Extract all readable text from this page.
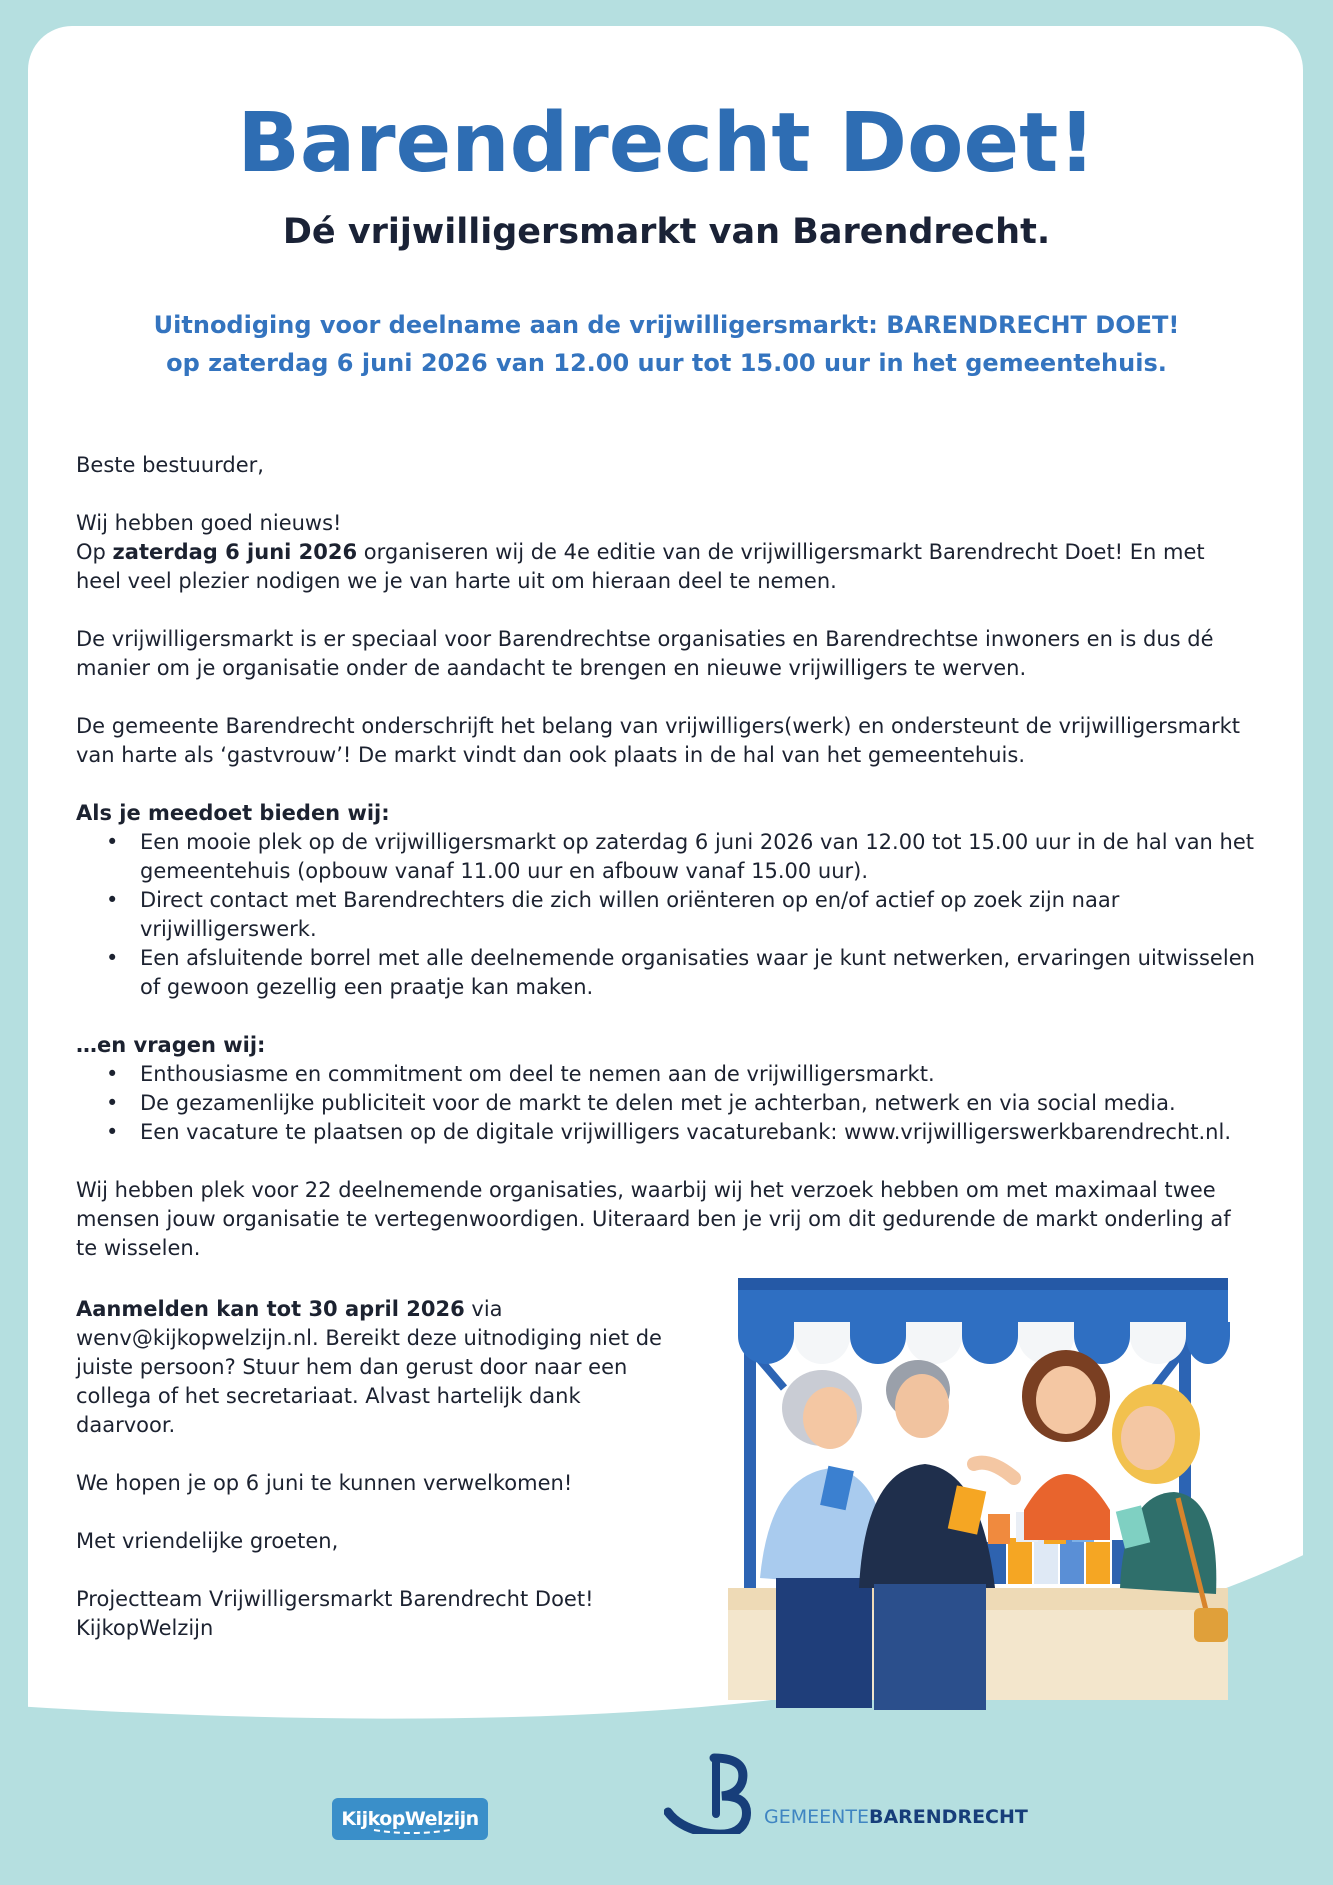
Barendrecht Doet!
Dé vrijwilligersmarkt van Barendrecht.
Uitnodiging voor deelname aan de vrijwilligersmarkt: BARENDRECHT DOET!
op zaterdag 6 juni 2026 van 12.00 uur tot 15.00 uur in het gemeentehuis.

Beste bestuurder,

Wij hebben goed nieuws!
Op zaterdag 6 juni 2026 organiseren wij de 4e editie van de vrijwilligersmarkt Barendrecht Doet! En met heel veel plezier nodigen we je van harte uit om hieraan deel te nemen.

De vrijwilligersmarkt is er speciaal voor Barendrechtse organisaties en Barendrechtse inwoners en is dus dé manier om je organisatie onder de aandacht te brengen en nieuwe vrijwilligers te werven.

De gemeente Barendrecht onderschrijft het belang van vrijwilligers(werk) en ondersteunt de vrijwilligersmarkt van harte als ‘gastvrouw’! De markt vindt dan ook plaats in de hal van het gemeentehuis.

Als je meedoet bieden wij:

• Een mooie plek op de vrijwilligersmarkt op zaterdag 6 juni 2026 van 12.00 tot 15.00 uur in de hal van het gemeentehuis (opbouw vanaf 11.00 uur en afbouw vanaf 15.00 uur).
• Direct contact met Barendrechters die zich willen oriënteren op en/of actief op zoek zijn naar vrijwilligerswerk.
• Een afsluitende borrel met alle deelnemende organisaties waar je kunt netwerken, ervaringen uitwisselen of gewoon gezellig een praatje kan maken.

…en vragen wij:

• Enthousiasme en commitment om deel te nemen aan de vrijwilligersmarkt.
• De gezamenlijke publiciteit voor de markt te delen met je achterban, netwerk en via social media.
• Een vacature te plaatsen op de digitale vrijwilligers vacaturebank: www.vrijwilligerswerkbarendrecht.nl.

Wij hebben plek voor 22 deelnemende organisaties, waarbij wij het verzoek hebben om met maximaal twee mensen jouw organisatie te vertegenwoordigen. Uiteraard ben je vrij om dit gedurende de markt onderling af te wisselen.

Aanmelden kan tot 30 april 2026 via wenv@kijkopwelzijn.nl. Bereikt deze uitnodiging niet de juiste persoon? Stuur hem dan gerust door naar een collega of het secretariaat. Alvast hartelijk dank daarvoor.

We hopen je op 6 juni te kunnen verwelkomen!

Met vriendelijke groeten,

Projectteam Vrijwilligersmarkt Barendrecht Doet!
KijkopWelzijn

KijkopWelzijn	GEMEENTEBARENDRECHT
